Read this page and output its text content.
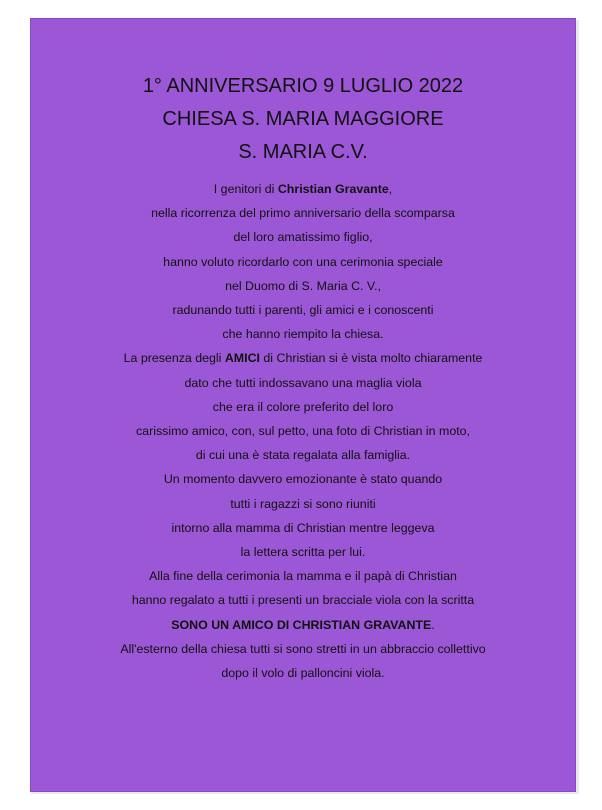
1° ANNIVERSARIO 9 LUGLIO 2022
CHIESA S. MARIA MAGGIORE
S. MARIA C.V.
I genitori di Christian Gravante,
nella ricorrenza del primo anniversario della scomparsa
del loro amatissimo figlio,
hanno voluto ricordarlo con una cerimonia speciale
nel Duomo di S. Maria C. V.,
radunando tutti i parenti, gli amici e i conoscenti
che hanno riempito la chiesa.
La presenza degli AMICI di Christian si è vista molto chiaramente
dato che tutti indossavano una maglia viola
che era il colore preferito del loro
carissimo amico, con, sul petto, una foto di Christian in moto,
di cui una è stata regalata alla famiglia.
Un momento davvero emozionante è stato quando
tutti i ragazzi si sono riuniti
intorno alla mamma di Christian mentre leggeva
la lettera scritta per lui.
Alla fine della cerimonia la mamma e il papà di Christian
hanno regalato a tutti i presenti un bracciale viola con la scritta
SONO UN AMICO DI CHRISTIAN GRAVANTE.
All'esterno della chiesa tutti si sono stretti in un abbraccio collettivo
dopo il volo di palloncini viola.
